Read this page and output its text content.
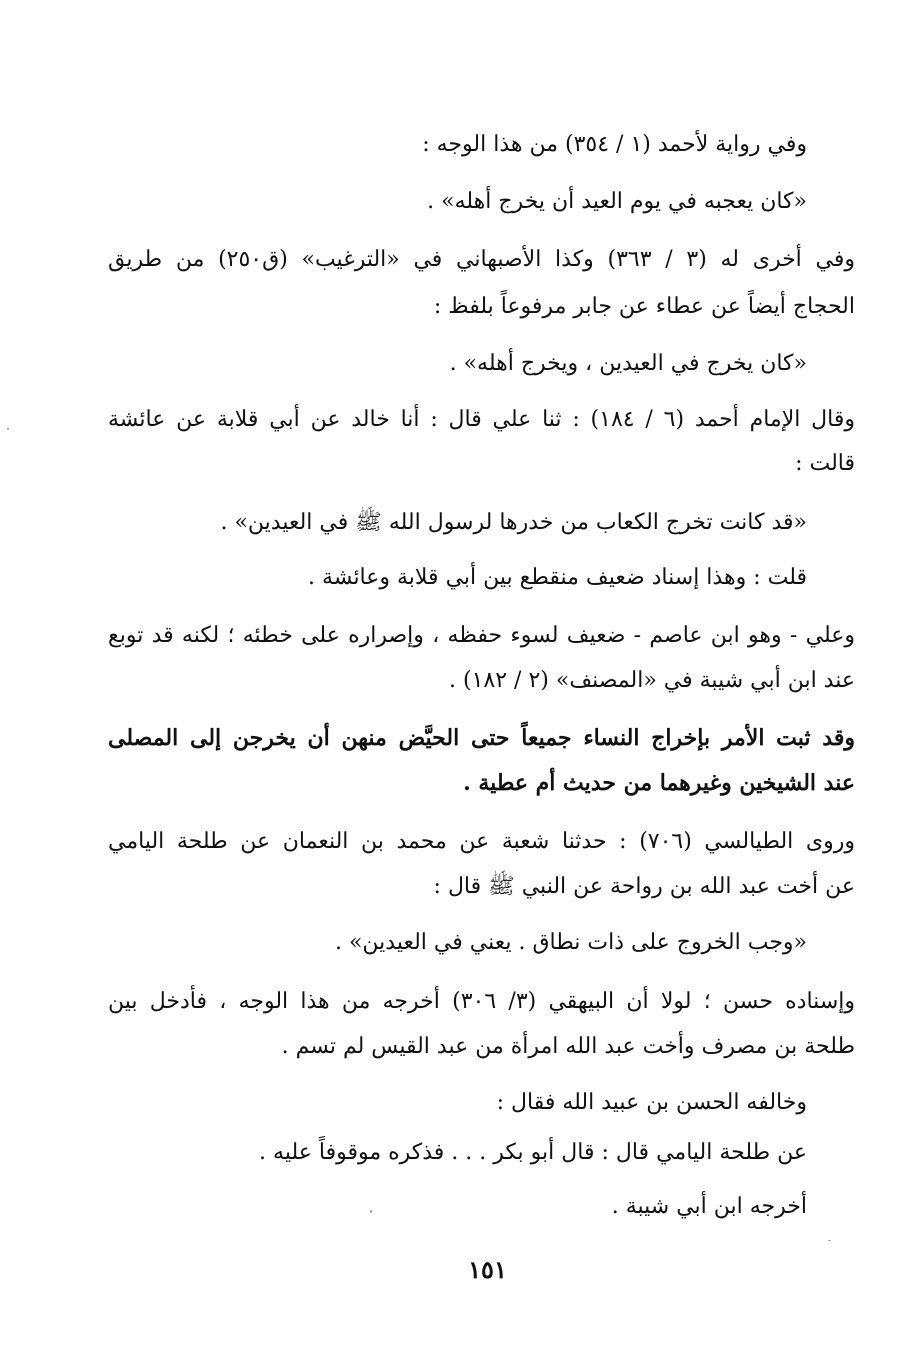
وفي رواية لأحمد (١ / ٣٥٤) من هذا الوجه :
«كان يعجبه في يوم العيد أن يخرج أهله» .
وفي أخرى له (٣ / ٣٦٣) وكذا الأصبهاني في «الترغيب» (ق٢٥٠) من طريق
الحجاج أيضاً عن عطاء عن جابر مرفوعاً بلفظ :
«كان يخرج في العيدين ، ويخرج أهله» .
وقال الإمام أحمد (٦ / ١٨٤) : ثنا علي قال : أنا خالد عن أبي قلابة عن عائشة
قالت :
«قد كانت تخرج الكعاب من خدرها لرسول الله ﷺ في العيدين» .
قلت : وهذا إسناد ضعيف منقطع بين أبي قلابة وعائشة .
وعلي - وهو ابن عاصم - ضعيف لسوء حفظه ، وإصراره على خطئه ؛ لكنه قد توبع
عند ابن أبي شيبة في «المصنف» (٢ / ١٨٢) .
وقد ثبت الأمر بإخراج النساء جميعاً حتى الحيَّض منهن أن يخرجن إلى المصلى
عند الشيخين وغيرهما من حديث أم عطية .
وروى الطيالسي (٧٠٦) : حدثنا شعبة عن محمد بن النعمان عن طلحة اليامي
عن أخت عبد الله بن رواحة عن النبي ﷺ قال :
«وجب الخروج على ذات نطاق . يعني في العيدين» .
وإسناده حسن ؛ لولا أن البيهقي (٣/ ٣٠٦) أخرجه من هذا الوجه ، فأدخل بين
طلحة بن مصرف وأخت عبد الله امرأة من عبد القيس لم تسم .
وخالفه الحسن بن عبيد الله فقال :
عن طلحة اليامي قال : قال أبو بكر . . . فذكره موقوفاً عليه .
أخرجه ابن أبي شيبة .
١٥١
